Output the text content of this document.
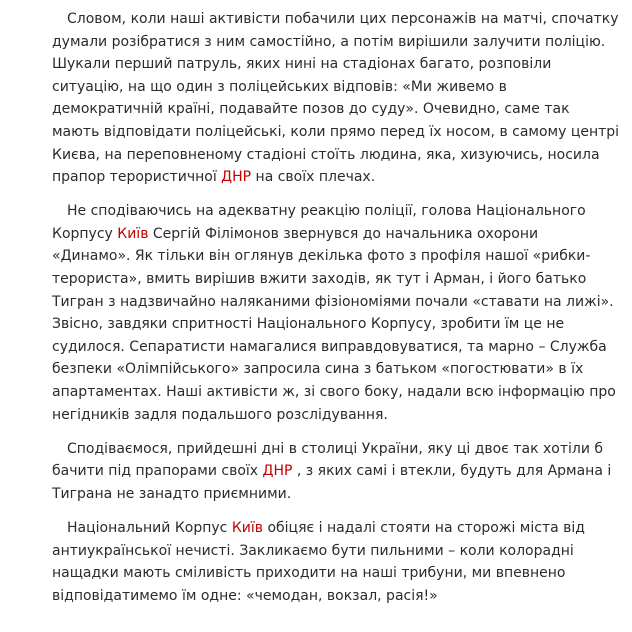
Словом, коли наші активісти побачили цих персонажів на матчі, спочатку думали розібратися з ним самостійно, а потім вирішили залучити поліцію. Шукали перший патруль, яких нині на стадіонах багато, розповіли ситуацію, на що один з поліцейських відповів: «Ми живемо в демократичній країні, подавайте позов до суду». Очевидно, саме так мають відповідати поліцейські, коли прямо перед їх носом, в самому центрі Києва, на переповненому стадіоні стоїть людина, яка, хизуючись, носила прапор терористичної ДНР на своїх плечах.

Не сподіваючись на адекватну реакцію поліції, голова Національного Корпусу Київ Сергій Філімонов звернувся до начальника охорони «Динамо». Як тільки він оглянув декілька фото з профіля нашої «рибки-терориста», вмить вирішив вжити заходів, як тут і Арман, і його батько Тигран з надзвичайно наляканими фізіономіями почали «ставати на лижі». Звісно, завдяки спритності Національного Корпусу, зробити їм це не судилося. Сепаратисти намагалися виправдовуватися, та марно – Служба безпеки «Олімпійського» запросила сина з батьком «погостювати» в їх апартаментах. Наші активісти ж, зі свого боку, надали всю інформацію про негідників задля подальшого розслідування.

Сподіваємося, прийдешні дні в столиці України, яку ці двоє так хотіли б бачити під прапорами своїх ДНР , з яких самі і втекли, будуть для Армана і Тиграна не занадто приємними.

Національний Корпус Київ обіцяє і надалі стояти на сторожі міста від антиукраїнської нечисті. Закликаємо бути пильними – коли колорадні нащадки мають сміливість приходити на наші трибуни, ми впевнено відповідатимемо їм одне: «чемодан, вокзал, расія!»
